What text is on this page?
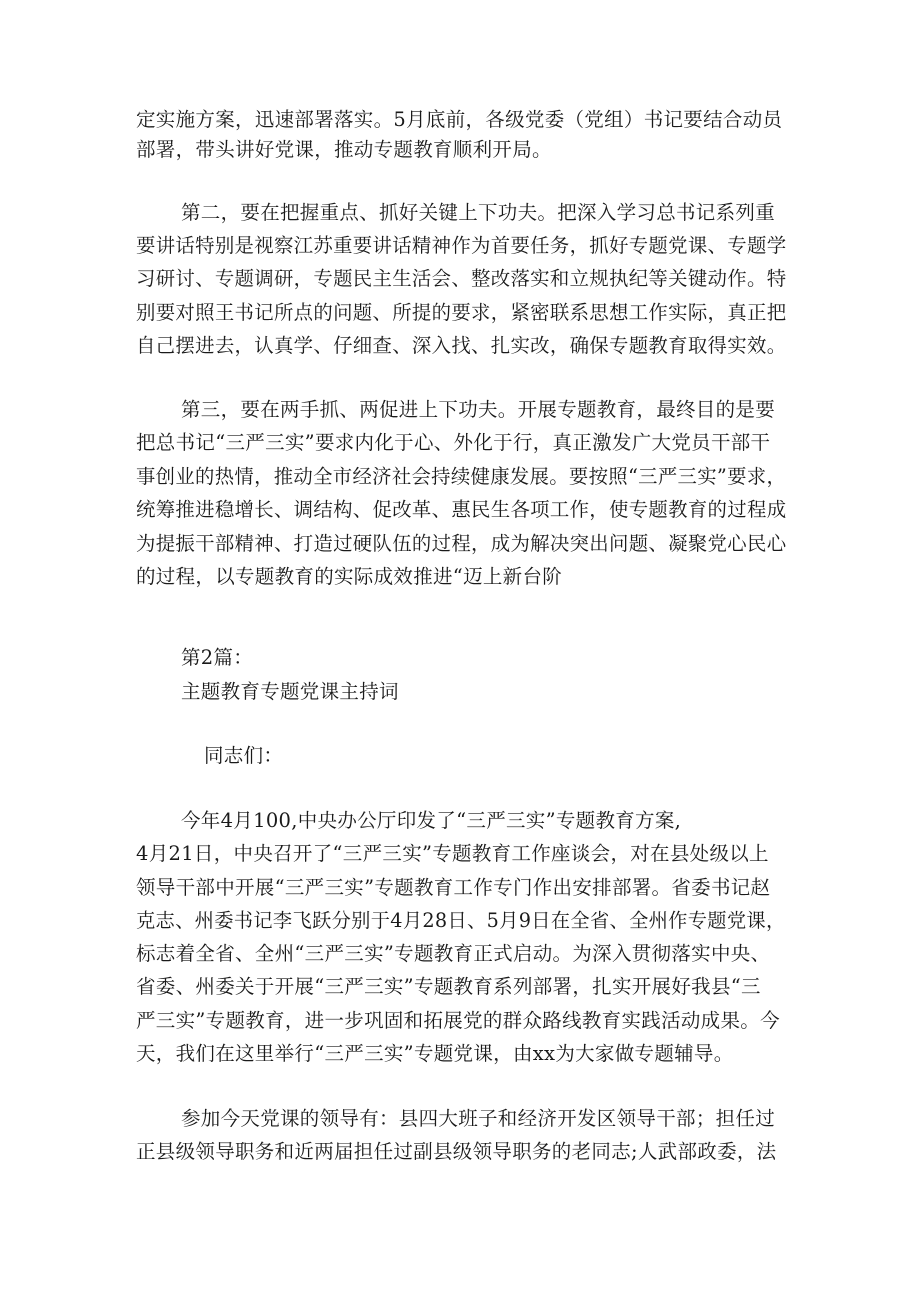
定实施方案，迅速部署落实。5月底前，各级党委（党组）书记要结合动员
部署，带头讲好党课，推动专题教育顺利开局。
第二，要在把握重点、抓好关键上下功夫。把深入学习总书记系列重
要讲话特别是视察江苏重要讲话精神作为首要任务，抓好专题党课、专题学
习研讨、专题调研，专题民主生活会、整改落实和立规执纪等关键动作。特
别要对照王书记所点的问题、所提的要求，紧密联系思想工作实际，真正把
自己摆进去，认真学、仔细查、深入找、扎实改，确保专题教育取得实效。
第三，要在两手抓、两促进上下功夫。开展专题教育，最终目的是要
把总书记“三严三实”要求内化于心、外化于行，真正激发广大党员干部干
事创业的热情，推动全市经济社会持续健康发展。要按照“三严三实”要求，
统筹推进稳增长、调结构、促改革、惠民生各项工作，使专题教育的过程成
为提振干部精神、打造过硬队伍的过程，成为解决突出问题、凝聚党心民心
的过程，以专题教育的实际成效推进“迈上新台阶
第2篇：
主题教育专题党课主持词
同志们：
今年4月100,中央办公厅印发了“三严三实”专题教育方案,
4月21日，中央召开了“三严三实”专题教育工作座谈会，对在县处级以上
领导干部中开展“三严三实”专题教育工作专门作出安排部署。省委书记赵
克志、州委书记李飞跃分别于4月28日、5月9日在全省、全州作专题党课，
标志着全省、全州“三严三实”专题教育正式启动。为深入贯彻落实中央、
省委、州委关于开展“三严三实”专题教育系列部署，扎实开展好我县“三
严三实”专题教育，进一步巩固和拓展党的群众路线教育实践活动成果。今
天，我们在这里举行“三严三实”专题党课，由xx为大家做专题辅导。
参加今天党课的领导有：县四大班子和经济开发区领导干部；担任过
正县级领导职务和近两届担任过副县级领导职务的老同志;人武部政委，法
